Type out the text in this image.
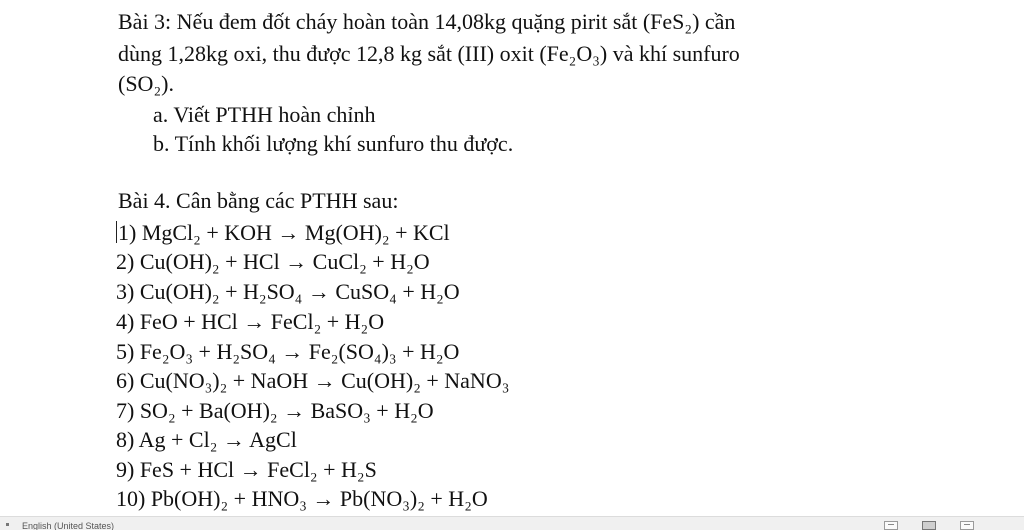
Bài 3: Nếu đem đốt cháy hoàn toàn 14,08kg quặng pirit sắt (FeS₂) cần
dùng 1,28kg oxi, thu được 12,8 kg sắt (III) oxit (Fe₂O₃) và khí sunfuro
(SO₂).
a. Viết PTHH hoàn chỉnh
b. Tính khối lượng khí sunfuro thu được.
Bài 4. Cân bằng các PTHH sau:
1) MgCl₂ + KOH → Mg(OH)₂ + KCl
2) Cu(OH)₂ + HCl → CuCl₂ + H₂O
3) Cu(OH)₂ + H₂SO₄ → CuSO₄ + H₂O
4) FeO + HCl → FeCl₂ + H₂O
5) Fe₂O₃ + H₂SO₄ → Fe₂(SO₄)₃ + H₂O
6) Cu(NO₃)₂ + NaOH → Cu(OH)₂ + NaNO₃
7) SO₂ + Ba(OH)₂ → BaSO₃ + H₂O
8) Ag + Cl₂ → AgCl
9) FeS + HCl → FeCl₂ + H₂S
10) Pb(OH)₂ + HNO₃ → Pb(NO₃)₂ + H₂O
English (United States)
